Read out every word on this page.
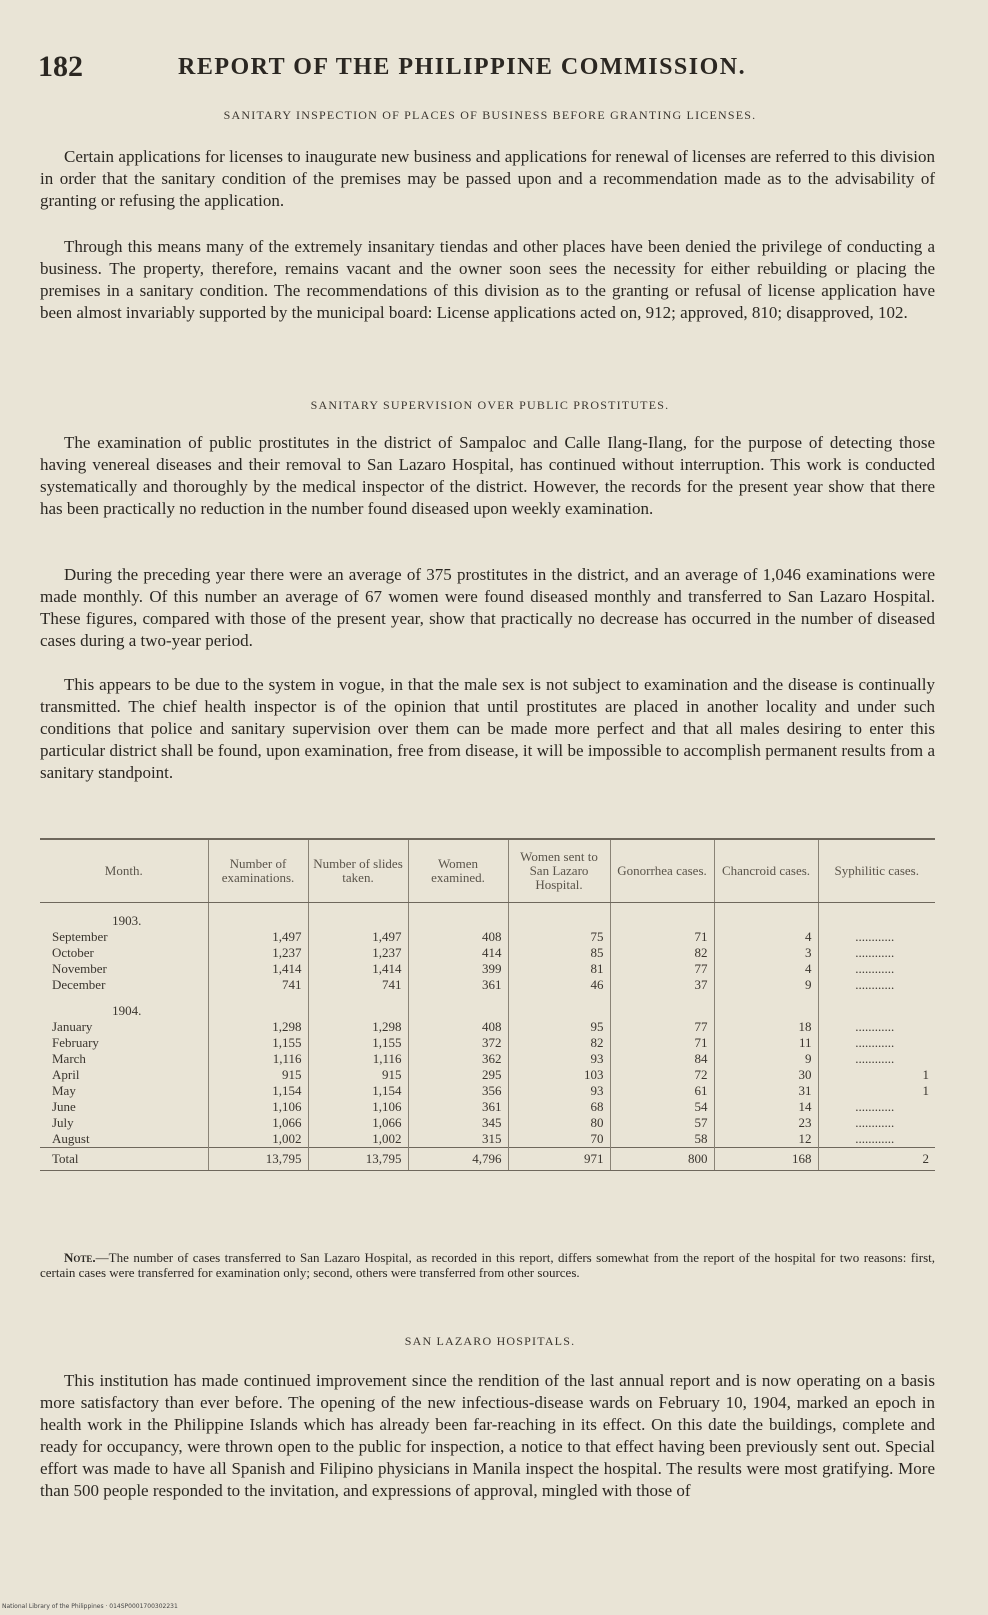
182	REPORT OF THE PHILIPPINE COMMISSION.
SANITARY INSPECTION OF PLACES OF BUSINESS BEFORE GRANTING LICENSES.

Certain applications for licenses to inaugurate new business and applications for renewal of licenses are referred to this division in order that the sanitary condition of the premises may be passed upon and a recommendation made as to the advisability of granting or refusing the application.

Through this means many of the extremely insanitary tiendas and other places have been denied the privilege of conducting a business. The property, therefore, remains vacant and the owner soon sees the necessity for either rebuilding or placing the premises in a sanitary condition. The recommendations of this division as to the granting or refusal of license application have been almost invariably supported by the municipal board: License applications acted on, 912; approved, 810; disapproved, 102.

SANITARY SUPERVISION OVER PUBLIC PROSTITUTES.

The examination of public prostitutes in the district of Sampaloc and Calle Ilang-Ilang, for the purpose of detecting those having venereal diseases and their removal to San Lazaro Hospital, has continued without interruption. This work is conducted systematically and thoroughly by the medical inspector of the district. However, the records for the present year show that there has been practically no reduction in the number found diseased upon weekly examination.

During the preceding year there were an average of 375 prostitutes in the district, and an average of 1,046 examinations were made monthly. Of this number an average of 67 women were found diseased monthly and transferred to San Lazaro Hospital. These figures, compared with those of the present year, show that practically no decrease has occurred in the number of diseased cases during a two-year period.

This appears to be due to the system in vogue, in that the male sex is not subject to examination and the disease is continually transmitted. The chief health inspector is of the opinion that until prostitutes are placed in another locality and under such conditions that police and sanitary supervision over them can be made more perfect and that all males desiring to enter this particular district shall be found, upon examination, free from disease, it will be impossible to accomplish permanent results from a sanitary standpoint.

Month.	Number of examinations.	Number of slides taken.	Women examined.	Women sent to San Lazaro Hospital.	Gonorrhea cases.	Chancroid cases.	Syphilitic cases.
1903.							
September	1,497	1,497	408	75	71	4	............
October	1,237	1,237	414	85	82	3	............
November	1,414	1,414	399	81	77	4	............
December	741	741	361	46	37	9	............
1904.							
January	1,298	1,298	408	95	77	18	............
February	1,155	1,155	372	82	71	11	............
March	1,116	1,116	362	93	84	9	............
April	915	915	295	103	72	30	1
May	1,154	1,154	356	93	61	31	1
June	1,106	1,106	361	68	54	14	............
July	1,066	1,066	345	80	57	23	............
August	1,002	1,002	315	70	58	12	............
Total	13,795	13,795	4,796	971	800	168	2

Note.—The number of cases transferred to San Lazaro Hospital, as recorded in this report, differs somewhat from the report of the hospital for two reasons: first, certain cases were transferred for examination only; second, others were transferred from other sources.

SAN LAZARO HOSPITALS.

This institution has made continued improvement since the rendition of the last annual report and is now operating on a basis more satisfactory than ever before. The opening of the new infectious-disease wards on February 10, 1904, marked an epoch in health work in the Philippine Islands which has already been far-reaching in its effect. On this date the buildings, complete and ready for occupancy, were thrown open to the public for inspection, a notice to that effect having been previously sent out. Special effort was made to have all Spanish and Filipino physicians in Manila inspect the hospital. The results were most gratifying. More than 500 people responded to the invitation, and expressions of approval, mingled with those of

National Library of the Philippines · 014SP0001700302231
